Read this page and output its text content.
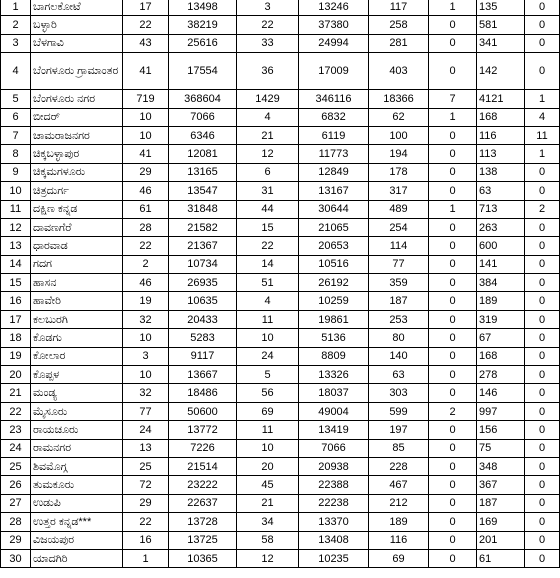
1	ಬಾಗಲಕೋಟೆ	17	13498	3	13246	117	1	135	0
2	ಬಳ್ಳಾರಿ	22	38219	22	37380	258	0	581	0
3	ಬೆಳಗಾವಿ	43	25616	33	24994	281	0	341	0
4	ಬೆಂಗಳೂರು ಗ್ರಾಮಾಂತರ	41	17554	36	17009	403	0	142	0
5	ಬೆಂಗಳೂರು ನಗರ	719	368604	1429	346116	18366	7	4121	1
6	ಬೀದರ್	10	7066	4	6832	62	1	168	4
7	ಚಾಮರಾಜನಗರ	10	6346	21	6119	100	0	116	11
8	ಚಿಕ್ಕಬಳ್ಳಾಪುರ	41	12081	12	11773	194	0	113	1
9	ಚಿಕ್ಕಮಗಳೂರು	29	13165	6	12849	178	0	138	0
10	ಚಿತ್ರದುರ್ಗ	46	13547	31	13167	317	0	63	0
11	ದಕ್ಷಿಣ ಕನ್ನಡ	61	31848	44	30644	489	1	713	2
12	ದಾವಣಗೆರೆ	28	21582	15	21065	254	0	263	0
13	ಧಾರವಾಡ	22	21367	22	20653	114	0	600	0
14	ಗದಗ	2	10734	14	10516	77	0	141	0
15	ಹಾಸನ	46	26935	51	26192	359	0	384	0
16	ಹಾವೇರಿ	19	10635	4	10259	187	0	189	0
17	ಕಲಬುರಗಿ	32	20433	11	19861	253	0	319	0
18	ಕೊಡಗು	10	5283	10	5136	80	0	67	0
19	ಕೋಲಾರ	3	9117	24	8809	140	0	168	0
20	ಕೊಪ್ಪಳ	10	13667	5	13326	63	0	278	0
21	ಮಂಡ್ಯ	32	18486	56	18037	303	0	146	0
22	ಮೈಸೂರು	77	50600	69	49004	599	2	997	0
23	ರಾಯಚೂರು	24	13772	11	13419	197	0	156	0
24	ರಾಮನಗರ	13	7226	10	7066	85	0	75	0
25	ಶಿವಮೊಗ್ಗ	25	21514	20	20938	228	0	348	0
26	ತುಮಕೂರು	72	23222	45	22388	467	0	367	0
27	ಉಡುಪಿ	29	22637	21	22238	212	0	187	0
28	ಉತ್ತರ ಕನ್ನಡ***	22	13728	34	13370	189	0	169	0
29	ವಿಜಯಪುರ	16	13725	58	13408	116	0	201	0
30	ಯಾದಗಿರಿ	1	10365	12	10235	69	0	61	0
